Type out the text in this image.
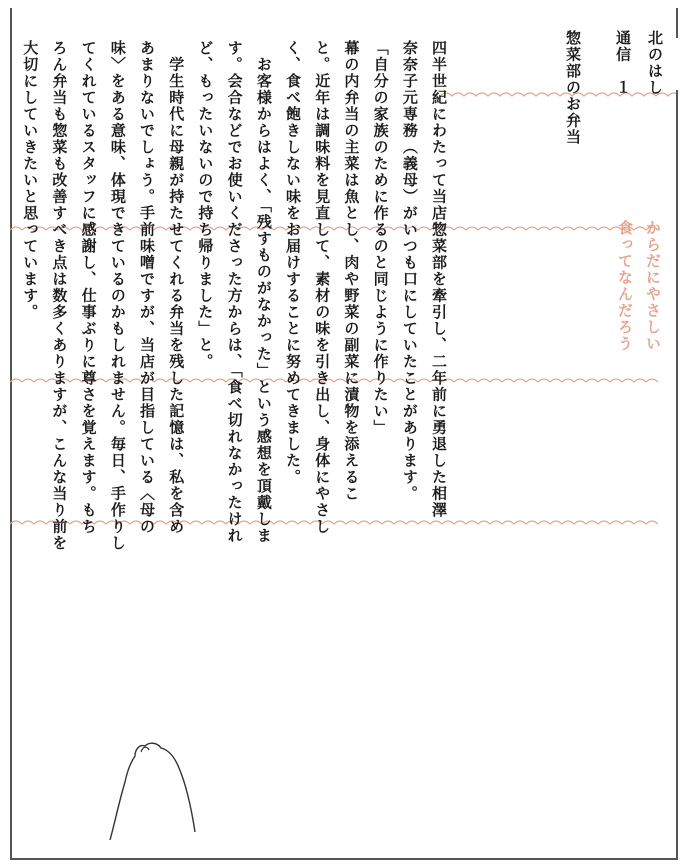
北のはし
通信　１
惣菜部のお弁当
からだにやさしい
食ってなんだろう
四半世紀にわたって当店惣菜部を牽引し、二年前に勇退した相澤
奈奈子元専務（義母）がいつも口にしていたことがあります。
「自分の家族のために作るのと同じように作りたい」
幕の内弁当の主菜は魚とし、肉や野菜の副菜に漬物を添えるこ
と。近年は調味料を見直して、素材の味を引き出し、身体にやさし
く、食べ飽きしない味をお届けすることに努めてきました。
　お客様からはよく、「残すものがなかった」という感想を頂戴しま
す。会合などでお使いくださった方からは、「食べ切れなかったけれ
ど、もったいないので持ち帰りました」と。
　学生時代に母親が持たせてくれる弁当を残した記憶は、私を含め
あまりないでしょう。手前味噌ですが、当店が目指している〈母の
味〉をある意味、体現できているのかもしれません。毎日、手作りし
てくれているスタッフに感謝し、仕事ぶりに尊さを覚えます。もち
ろん弁当も惣菜も改善すべき点は数多くありますが、こんな当り前を
大切にしていきたいと思っています。
